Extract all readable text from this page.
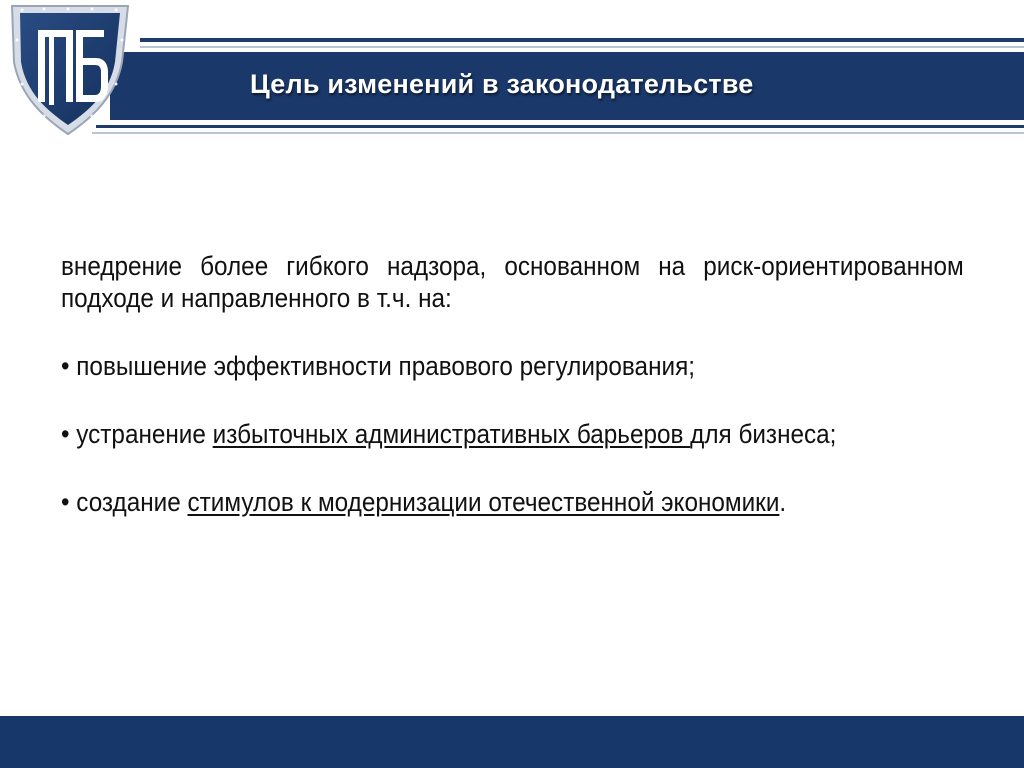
Цель изменений в законодательстве

внедрение более гибкого надзора, основанном на риск-ориентированном подходе и направленного в т.ч. на:

• повышение эффективности правового регулирования;

• устранение избыточных административных барьеров для бизнеса;

• создание стимулов к модернизации отечественной экономики.
